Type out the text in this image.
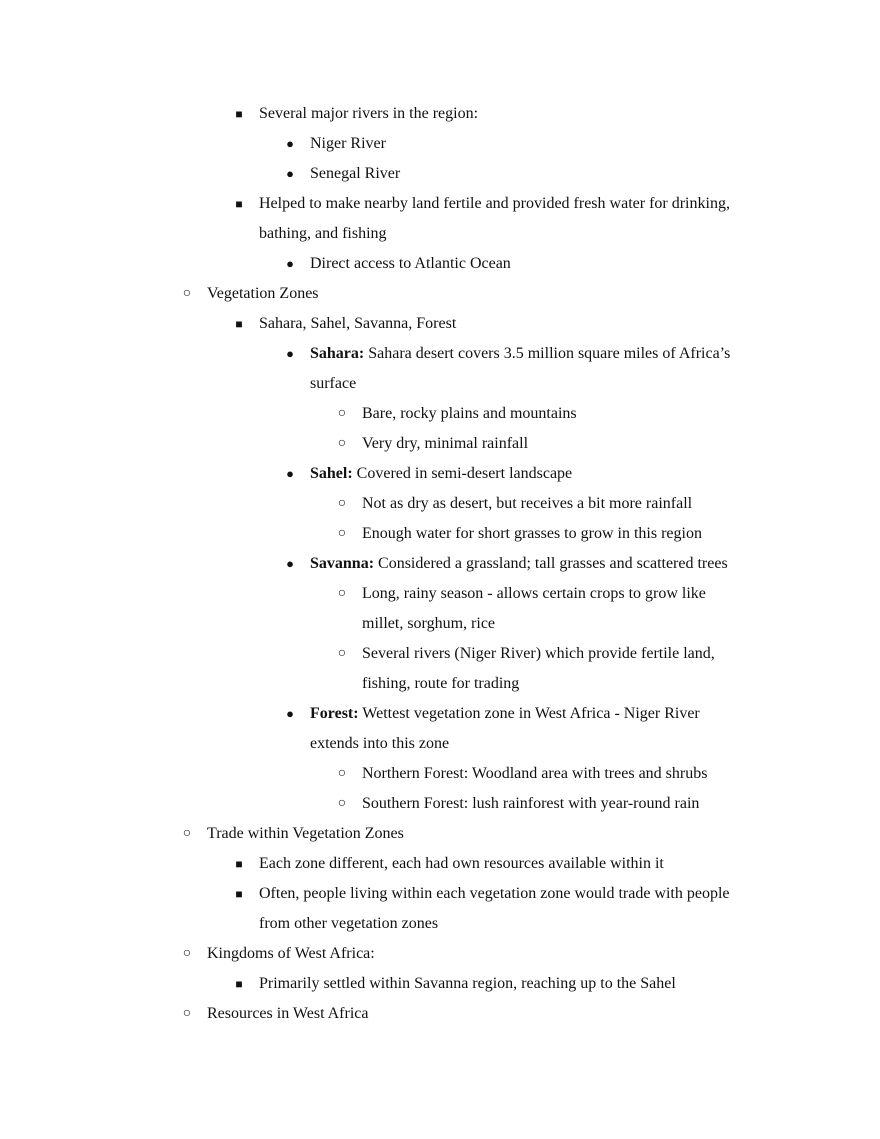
■ Several major rivers in the region:
● Niger River
● Senegal River
■ Helped to make nearby land fertile and provided fresh water for drinking,
bathing, and fishing
● Direct access to Atlantic Ocean
○ Vegetation Zones
■ Sahara, Sahel, Savanna, Forest
● Sahara: Sahara desert covers 3.5 million square miles of Africa’s
surface
○ Bare, rocky plains and mountains
○ Very dry, minimal rainfall
● Sahel: Covered in semi-desert landscape
○ Not as dry as desert, but receives a bit more rainfall
○ Enough water for short grasses to grow in this region
● Savanna: Considered a grassland; tall grasses and scattered trees
○ Long, rainy season - allows certain crops to grow like
millet, sorghum, rice
○ Several rivers (Niger River) which provide fertile land,
fishing, route for trading
● Forest: Wettest vegetation zone in West Africa - Niger River
extends into this zone
○ Northern Forest: Woodland area with trees and shrubs
○ Southern Forest: lush rainforest with year-round rain
○ Trade within Vegetation Zones
■ Each zone different, each had own resources available within it
■ Often, people living within each vegetation zone would trade with people
from other vegetation zones
○ Kingdoms of West Africa:
■ Primarily settled within Savanna region, reaching up to the Sahel
○ Resources in West Africa
